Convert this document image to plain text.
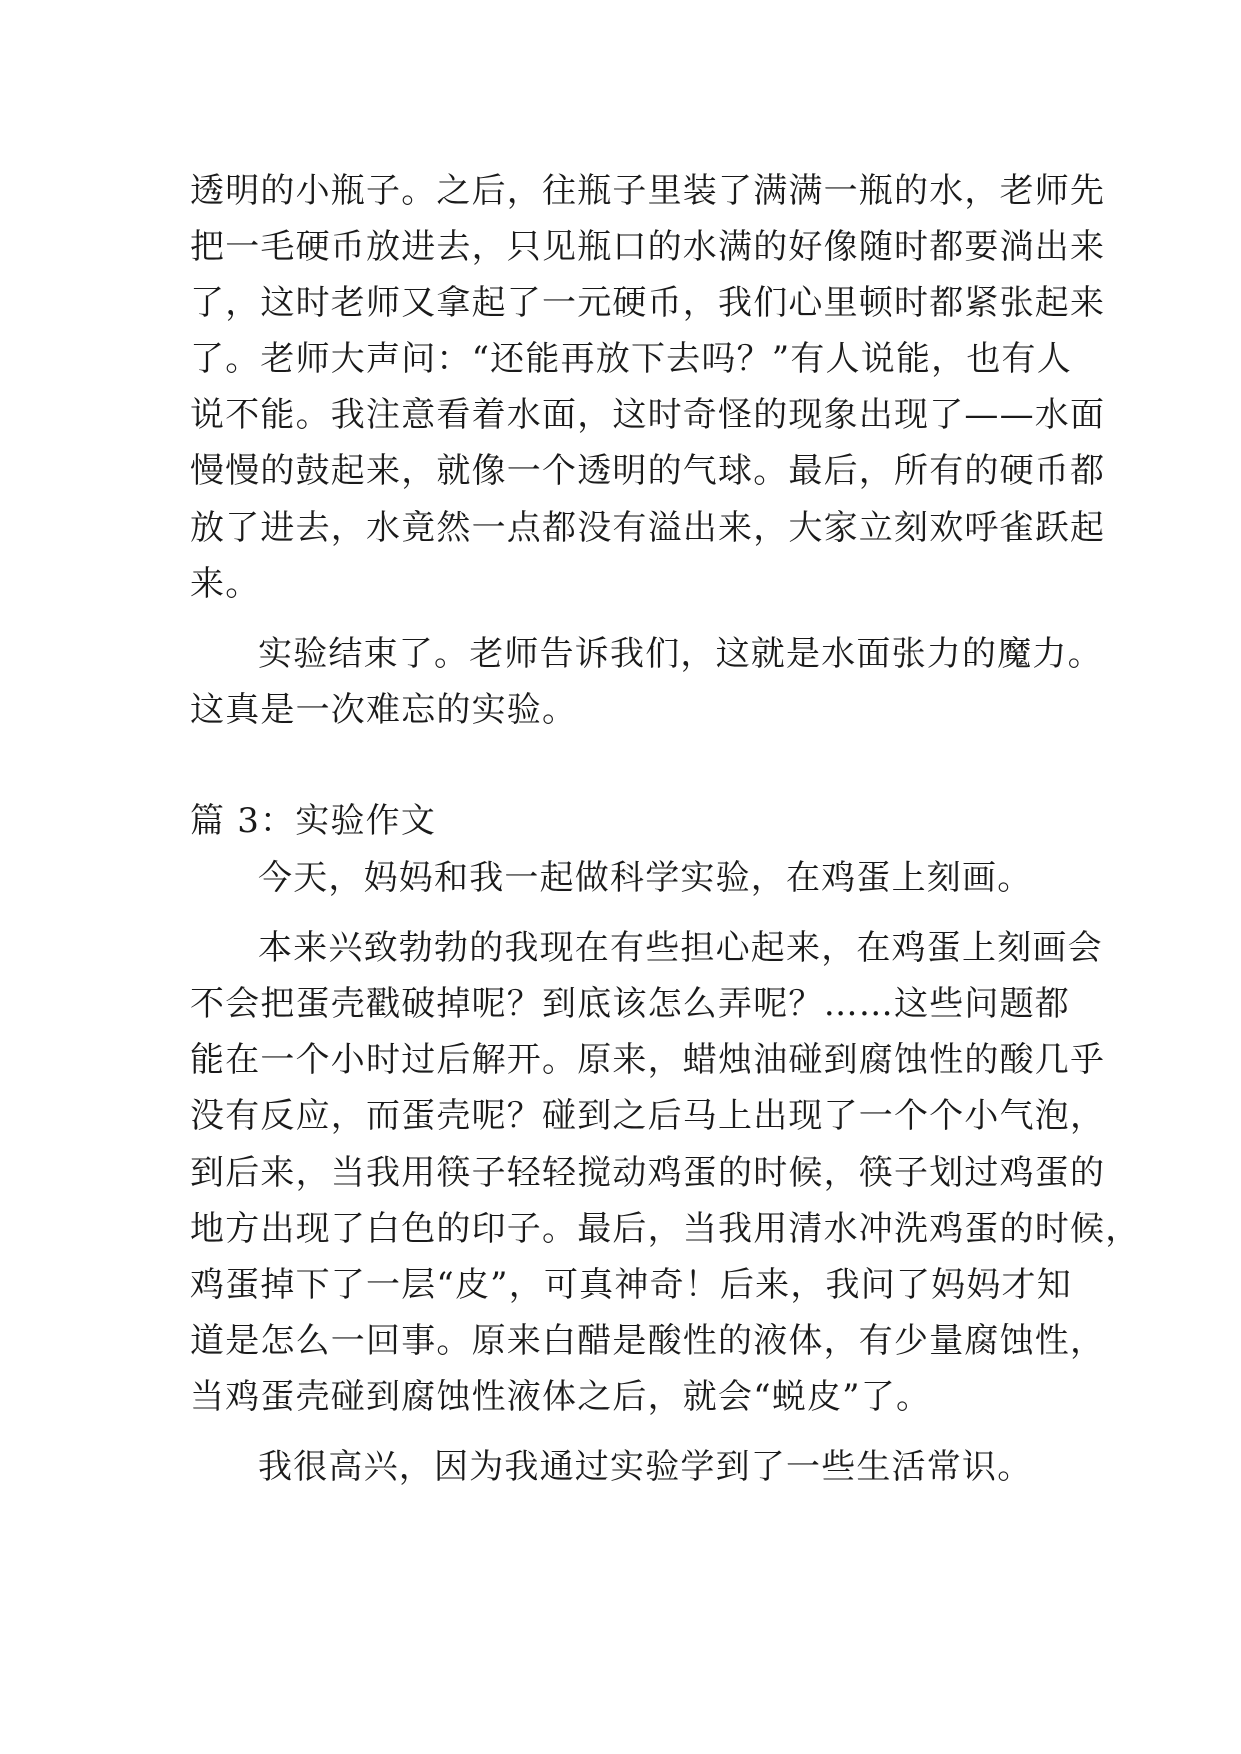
透明的小瓶子。之后，往瓶子里装了满满一瓶的水，老师先
把一毛硬币放进去，只见瓶口的水满的好像随时都要淌出来
了，这时老师又拿起了一元硬币，我们心里顿时都紧张起来
了。老师大声问：“还能再放下去吗？”有人说能，也有人
说不能。我注意看着水面，这时奇怪的现象出现了——水面
慢慢的鼓起来，就像一个透明的气球。最后，所有的硬币都
放了进去，水竟然一点都没有溢出来，大家立刻欢呼雀跃起
来。
实验结束了。老师告诉我们，这就是水面张力的魔力。
这真是一次难忘的实验。
篇 3：实验作文
今天，妈妈和我一起做科学实验，在鸡蛋上刻画。
本来兴致勃勃的我现在有些担心起来，在鸡蛋上刻画会
不会把蛋壳戳破掉呢？到底该怎么弄呢？……这些问题都
能在一个小时过后解开。原来，蜡烛油碰到腐蚀性的酸几乎
没有反应，而蛋壳呢？碰到之后马上出现了一个个小气泡，
到后来，当我用筷子轻轻搅动鸡蛋的时候，筷子划过鸡蛋的
地方出现了白色的印子。最后，当我用清水冲洗鸡蛋的时候，
鸡蛋掉下了一层“皮”，可真神奇！后来，我问了妈妈才知
道是怎么一回事。原来白醋是酸性的液体，有少量腐蚀性，
当鸡蛋壳碰到腐蚀性液体之后，就会“蜕皮”了。
我很高兴，因为我通过实验学到了一些生活常识。
